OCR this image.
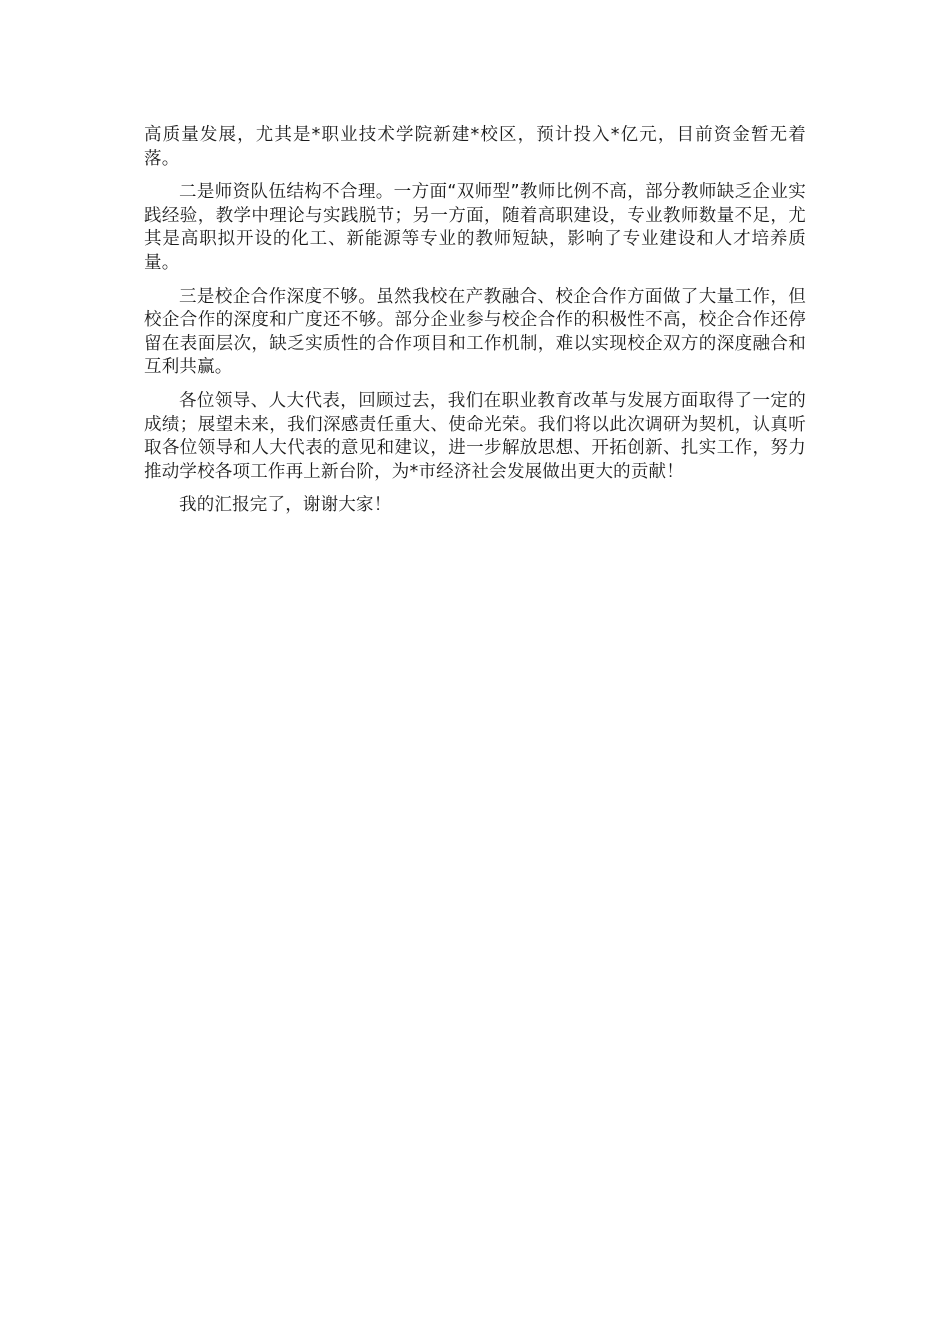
高质量发展，尤其是*职业技术学院新建*校区，预计投入*亿元，目前资金暂无着落。

二是师资队伍结构不合理。一方面“双师型”教师比例不高，部分教师缺乏企业实践经验，教学中理论与实践脱节；另一方面，随着高职建设，专业教师数量不足，尤其是高职拟开设的化工、新能源等专业的教师短缺，影响了专业建设和人才培养质量。

三是校企合作深度不够。虽然我校在产教融合、校企合作方面做了大量工作，但校企合作的深度和广度还不够。部分企业参与校企合作的积极性不高，校企合作还停留在表面层次，缺乏实质性的合作项目和工作机制，难以实现校企双方的深度融合和互利共赢。

各位领导、人大代表，回顾过去，我们在职业教育改革与发展方面取得了一定的成绩；展望未来，我们深感责任重大、使命光荣。我们将以此次调研为契机，认真听取各位领导和人大代表的意见和建议，进一步解放思想、开拓创新、扎实工作，努力推动学校各项工作再上新台阶，为*市经济社会发展做出更大的贡献！

我的汇报完了，谢谢大家！
